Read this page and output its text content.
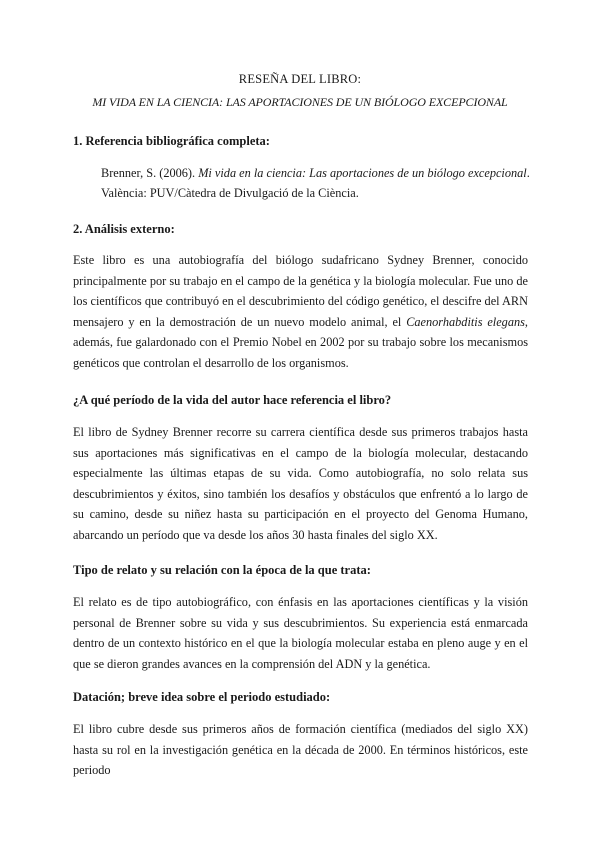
RESEÑA DEL LIBRO:
MI VIDA EN LA CIENCIA: LAS APORTACIONES DE UN BIÓLOGO EXCEPCIONAL
1. Referencia bibliográfica completa:
Brenner, S. (2006). Mi vida en la ciencia: Las aportaciones de un biólogo excepcional. València: PUV/Càtedra de Divulgació de la Ciència.
2. Análisis externo:
Este libro es una autobiografía del biólogo sudafricano Sydney Brenner, conocido principalmente por su trabajo en el campo de la genética y la biología molecular. Fue uno de los científicos que contribuyó en el descubrimiento del código genético, el descifre del ARN mensajero y en la demostración de un nuevo modelo animal, el Caenorhabditis elegans, además, fue galardonado con el Premio Nobel en 2002 por su trabajo sobre los mecanismos genéticos que controlan el desarrollo de los organismos.
¿A qué período de la vida del autor hace referencia el libro?
El libro de Sydney Brenner recorre su carrera científica desde sus primeros trabajos hasta sus aportaciones más significativas en el campo de la biología molecular, destacando especialmente las últimas etapas de su vida. Como autobiografía, no solo relata sus descubrimientos y éxitos, sino también los desafíos y obstáculos que enfrentó a lo largo de su camino, desde su niñez hasta su participación en el proyecto del Genoma Humano, abarcando un período que va desde los años 30 hasta finales del siglo XX.
Tipo de relato y su relación con la época de la que trata:
El relato es de tipo autobiográfico, con énfasis en las aportaciones científicas y la visión personal de Brenner sobre su vida y sus descubrimientos. Su experiencia está enmarcada dentro de un contexto histórico en el que la biología molecular estaba en pleno auge y en el que se dieron grandes avances en la comprensión del ADN y la genética.
Datación; breve idea sobre el periodo estudiado:
El libro cubre desde sus primeros años de formación científica (mediados del siglo XX) hasta su rol en la investigación genética en la década de 2000. En términos históricos, este periodo
